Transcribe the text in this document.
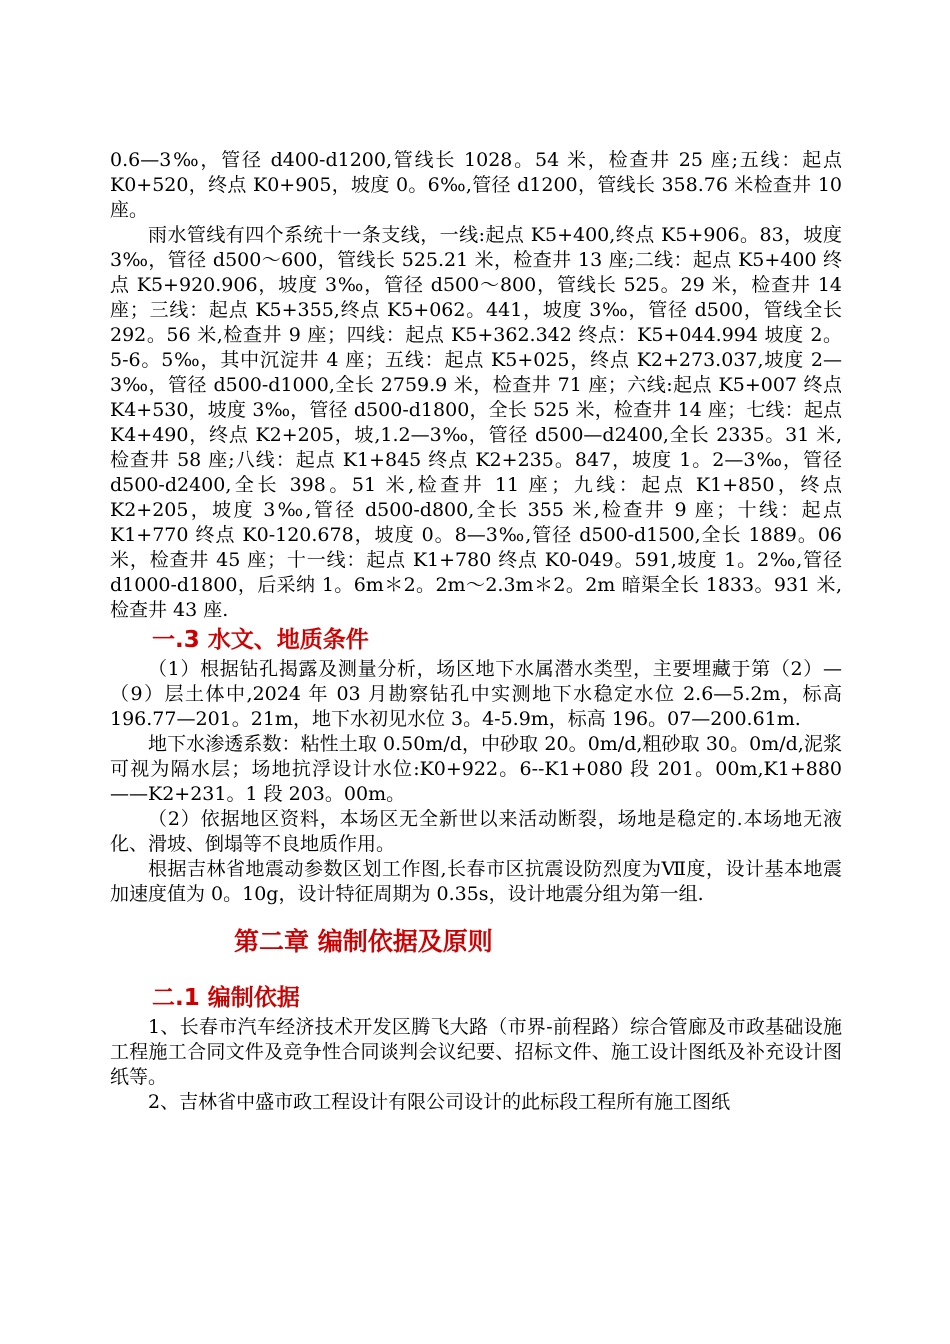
0.6—3‰，管径 d400-d1200,管线长 1028。54 米，检查井 25 座;五线：起点 K0+520，终点 K0+905，坡度 0。6‰,管径 d1200，管线长 358.76 米检查井 10 座。

雨水管线有四个系统十一条支线，一线:起点 K5+400,终点 K5+906。83，坡度 3‰，管径 d500～600，管线长 525.21 米，检查井 13 座;二线：起点 K5+400 终点 K5+920.906，坡度 3‰，管径 d500～800，管线长 525。29 米，检查井 14 座；三线：起点 K5+355,终点 K5+062。441，坡度 3‰，管径 d500，管线全长 292。56 米,检查井 9 座；四线：起点 K5+362.342 终点：K5+044.994 坡度 2。5-6。5‰，其中沉淀井 4 座；五线：起点 K5+025，终点 K2+273.037,坡度 2—3‰，管径 d500-d1000,全长 2759.9 米，检查井 71 座；六线:起点 K5+007 终点 K4+530，坡度 3‰，管径 d500-d1800，全长 525 米，检查井 14 座；七线：起点 K4+490，终点 K2+205，坡,1.2—3‰，管径 d500—d2400,全长 2335。31 米,检查井 58 座;八线：起点 K1+845 终点 K2+235。847，坡度 1。2—3‰，管径 d500-d2400,全长 398。51 米,检查井 11 座；九线：起点 K1+850，终点 K2+205，坡度 3‰,管径 d500-d800,全长 355 米,检查井 9 座；十线：起点 K1+770 终点 K0-120.678，坡度 0。8—3‰,管径 d500-d1500,全长 1889。06 米，检查井 45 座；十一线：起点 K1+780 终点 K0-049。591,坡度 1。2‰,管径 d1000-d1800，后采纳 1。6m＊2。2m～2.3m＊2。2m 暗渠全长 1833。931 米,检查井 43 座.

一.3 水文、地质条件

（1）根据钻孔揭露及测量分析，场区地下水属潜水类型，主要埋藏于第（2）—（9）层土体中,2024 年 03 月勘察钻孔中实测地下水稳定水位 2.6—5.2m，标高 196.77—201。21m，地下水初见水位 3。4-5.9m，标高 196。07—200.61m.

地下水渗透系数：粘性土取 0.50m/d，中砂取 20。0m/d,粗砂取 30。0m/d,泥浆可视为隔水层；场地抗浮设计水位:K0+922。6--K1+080 段 201。00m,K1+880——K2+231。1 段 203。00m。

（2）依据地区资料，本场区无全新世以来活动断裂，场地是稳定的.本场地无液化、滑坡、倒塌等不良地质作用。

根据吉林省地震动参数区划工作图,长春市区抗震设防烈度为Ⅶ度，设计基本地震加速度值为 0。10g，设计特征周期为 0.35s，设计地震分组为第一组.

第二章 编制依据及原则
二.1 编制依据

1、长春市汽车经济技术开发区腾飞大路（市界-前程路）综合管廊及市政基础设施工程施工合同文件及竞争性合同谈判会议纪要、招标文件、施工设计图纸及补充设计图纸等。

2、吉林省中盛市政工程设计有限公司设计的此标段工程所有施工图纸
